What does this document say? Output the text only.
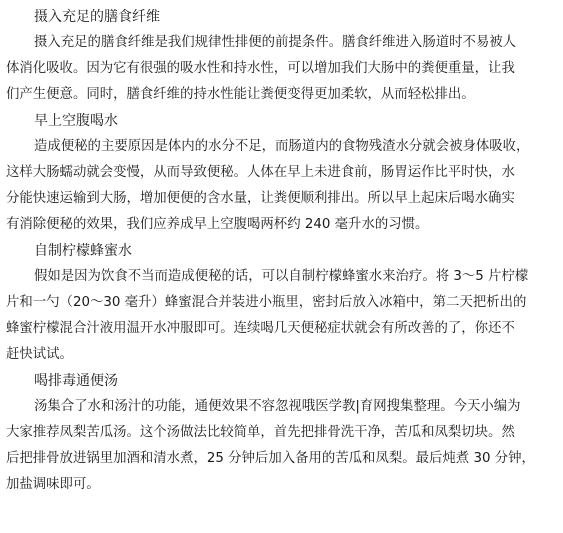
摄入充足的膳食纤维

摄入充足的膳食纤维是我们规律性排便的前提条件。膳食纤维进入肠道时不易被人
体消化吸收。因为它有很强的吸水性和持水性，可以增加我们大肠中的粪便重量，让我
们产生便意。同时，膳食纤维的持水性能让粪便变得更加柔软，从而轻松排出。

早上空腹喝水

造成便秘的主要原因是体内的水分不足，而肠道内的食物残渣水分就会被身体吸收，
这样大肠蠕动就会变慢，从而导致便秘。人体在早上未进食前，肠胃运作比平时快，水
分能快速运输到大肠，增加便便的含水量，让粪便顺利排出。所以早上起床后喝水确实
有消除便秘的效果，我们应养成早上空腹喝两杯约 240 毫升水的习惯。

自制柠檬蜂蜜水

假如是因为饮食不当而造成便秘的话，可以自制柠檬蜂蜜水来治疗。将 3～5 片柠檬
片和一勺（20～30 毫升）蜂蜜混合并装进小瓶里，密封后放入冰箱中，第二天把析出的
蜂蜜柠檬混合汁液用温开水冲服即可。连续喝几天便秘症状就会有所改善的了，你还不
赶快试试。

喝排毒通便汤

汤集合了水和汤汁的功能，通便效果不容忽视哦医学教|育网搜集整理。今天小编为
大家推荐凤梨苦瓜汤。这个汤做法比较简单，首先把排骨洗干净，苦瓜和凤梨切块。然
后把排骨放进锅里加酒和清水煮，25 分钟后加入备用的苦瓜和凤梨。最后炖煮 30 分钟，
加盐调味即可。
